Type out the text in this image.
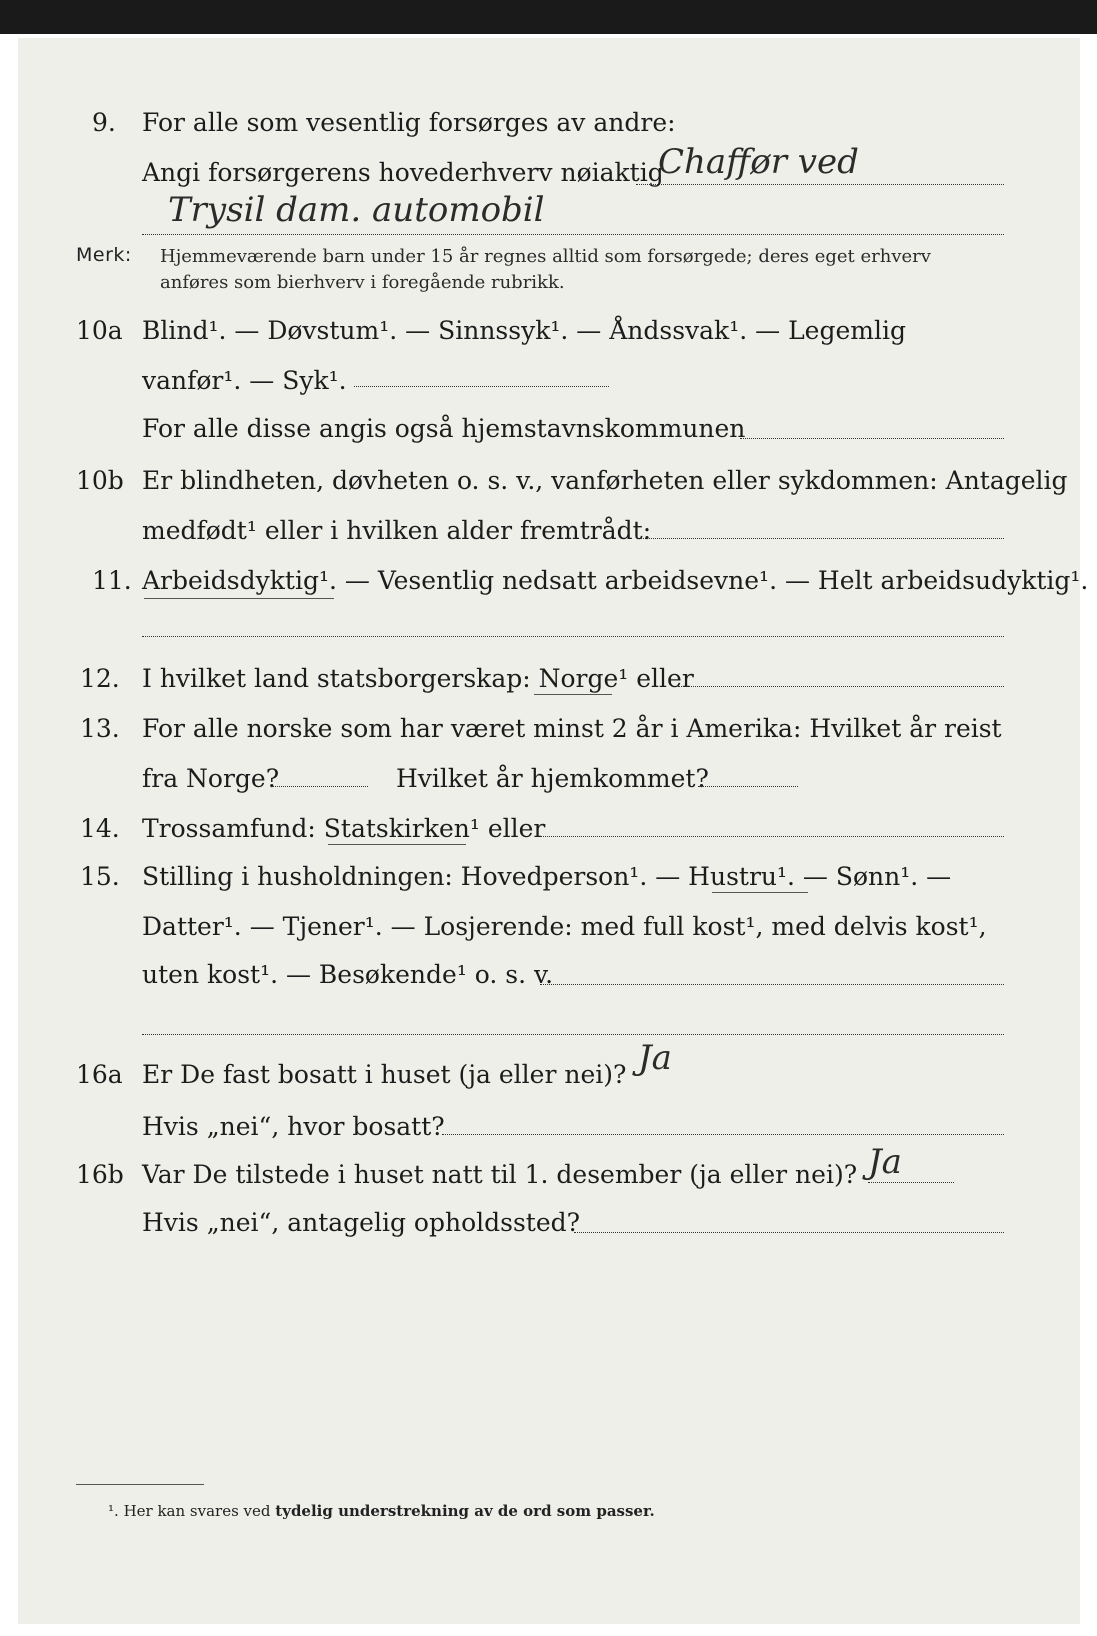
9. For alle som vesentlig forsørges av andre:
Angi forsørgerens hovederhverv nøiaktig
Chaffør ved
Trysil dam. automobil
Merk: Hjemmeværende barn under 15 år regnes alltid som forsørgede; deres eget erhverv
anføres som bierhverv i foregående rubrikk.
10a Blind¹. — Døvstum¹. — Sinnssyk¹. — Åndssvak¹. — Legemlig
vanfør¹. — Syk¹.
For alle disse angis også hjemstavnskommunen
10b Er blindheten, døvheten o. s. v., vanførheten eller sykdommen: Antagelig
medfødt¹ eller i hvilken alder fremtrådt:
11. Arbeidsdyktig¹. — Vesentlig nedsatt arbeidsevne¹. — Helt arbeidsudyktig¹.
12. I hvilket land statsborgerskap: Norge¹ eller
13. For alle norske som har været minst 2 år i Amerika: Hvilket år reist
fra Norge?	Hvilket år hjemkommet?
14. Trossamfund: Statskirken¹ eller
15. Stilling i husholdningen: Hovedperson¹. — Hustru¹. — Sønn¹. —
Datter¹. — Tjener¹. — Losjerende: med full kost¹, med delvis kost¹,
uten kost¹. — Besøkende¹ o. s. v.
16a Er De fast bosatt i huset (ja eller nei)? Ja
Hvis „nei“, hvor bosatt?
16b Var De tilstede i huset natt til 1. desember (ja eller nei)? Ja
Hvis „nei“, antagelig opholdssted?
¹. Her kan svares ved tydelig understrekning av de ord som passer.
